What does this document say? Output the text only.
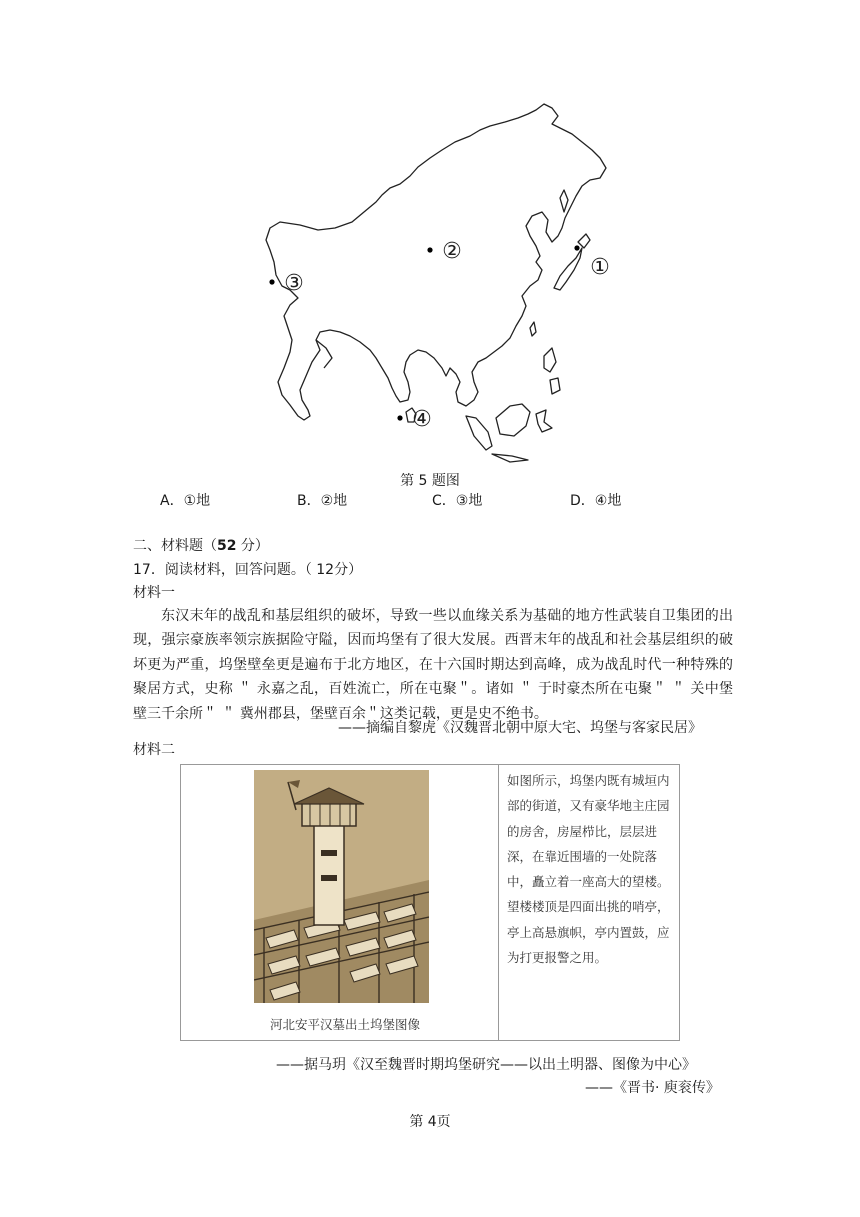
①
②
③
④
第 5 题图
A．①地	B．②地	C．③地	D．④地
二、材料题（52 分）
17．阅读材料，回答问题。（ 12分）
材料一

东汉末年的战乱和基层组织的破坏，导致一些以血缘关系为基础的地方性武装自卫集团的出现，强宗豪族率领宗族据险守隘，因而坞堡有了很大发展。西晋末年的战乱和社会基层组织的破坏更为严重，坞堡壁垒更是遍布于北方地区，在十六国时期达到高峰，成为战乱时代一种特殊的聚居方式，史称 ＂ 永嘉之乱，百姓流亡，所在屯聚＂。诸如 ＂ 于时豪杰所在屯聚＂ ＂ 关中堡壁三千余所＂ ＂ 冀州郡县，堡壁百余＂这类记载，更是史不绝书。

——摘编自黎虎《汉魏晋北朝中原大宅、坞堡与客家民居》
材料二
河北安平汉墓出土坞堡图像
如图所示，坞堡内既有城垣内部的街道，又有豪华地主庄园的房舍，房屋栉比，层层进深，在靠近围墙的一处院落中，矗立着一座高大的望楼。望楼楼顶是四面出挑的哨亭，亭上高悬旗帜，亭内置鼓，应为打更报警之用。
——据马玥《汉至魏晋时期坞堡研究——以出土明器、图像为中心》
——《晋书· 庾衮传》
第 4页
